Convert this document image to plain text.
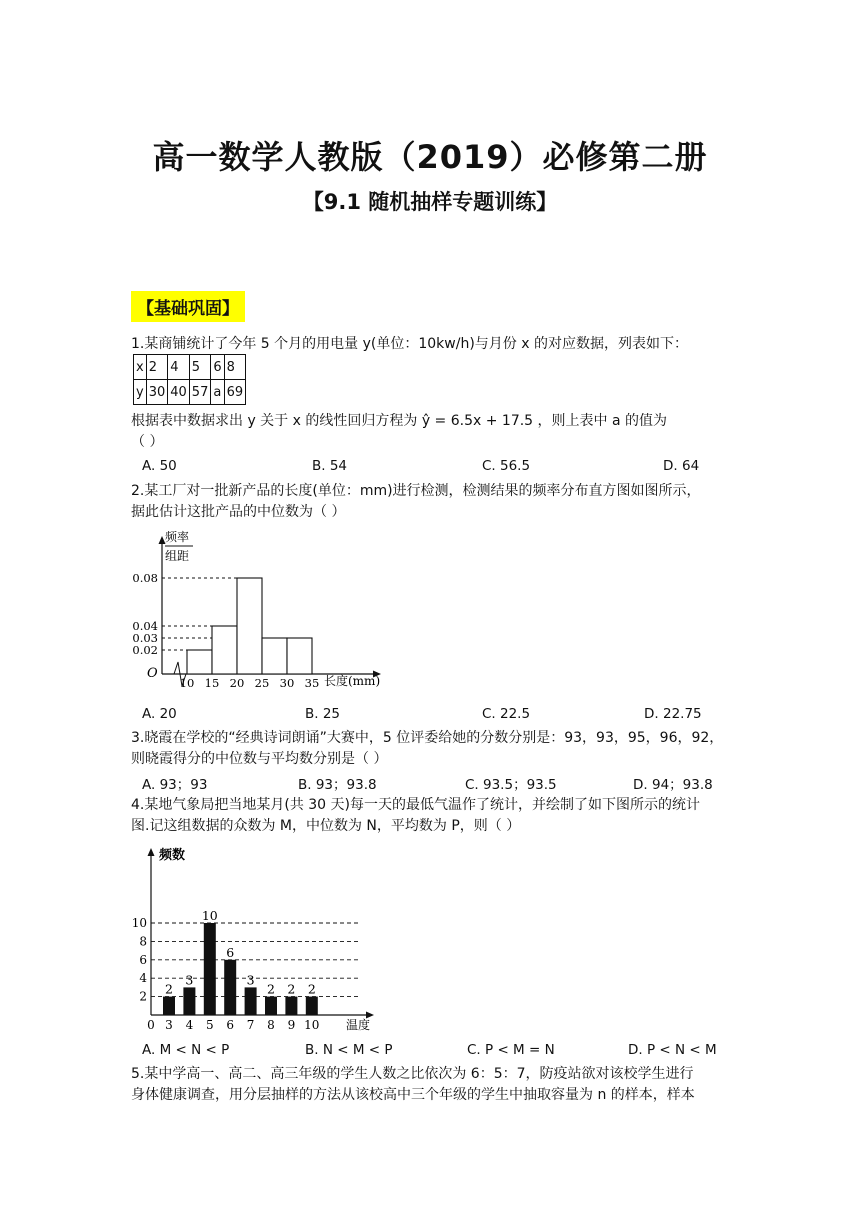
高一数学人教版（2019）必修第二册
【9.1 随机抽样专题训练】
【基础巩固】
1.某商铺统计了今年 5 个月的用电量 y(单位：10kw/h)与月份 x 的对应数据，列表如下：
x	2	4	5	6	8
y	30	40	57	a	69
根据表中数据求出 y 关于 x 的线性回归方程为 ŷ = 6.5x + 17.5 ，则上表中 a 的值为
（ ）
A. 50	B. 54	C. 56.5	D. 64
2.某工厂对一批新产品的长度(单位：mm)进行检测，检测结果的频率分布直方图如图所示，
据此估计这批产品的中位数为（ ）
频率
组距
O	长度(mm)
0.08
0.04
0.03
0.02
10 15 20 25 30 35
A. 20	B. 25	C. 22.5	D. 22.75
3.晓霞在学校的“经典诗词朗诵”大赛中，5 位评委给她的分数分别是：93，93，95，96，92，
则晓霞得分的中位数与平均数分别是（ ）
A. 93；93	B. 93；93.8	C. 93.5；93.5	D. 94；93.8
4.某地气象局把当地某月(共 30 天)每一天的最低气温作了统计，并绘制了如下图所示的统计
图.记这组数据的众数为 M，中位数为 N，平均数为 P，则（ ）
频数
温度
10
8
6
4
2
0 3 4 5 6 7 8 9 10
2
3
10
6
3
2 2 2
A. M < N < P	B. N < M < P	C. P < M = N	D. P < N < M
5.某中学高一、高二、高三年级的学生人数之比依次为 6：5：7，防疫站欲对该校学生进行
身体健康调查，用分层抽样的方法从该校高中三个年级的学生中抽取容量为 n 的样本，样本
